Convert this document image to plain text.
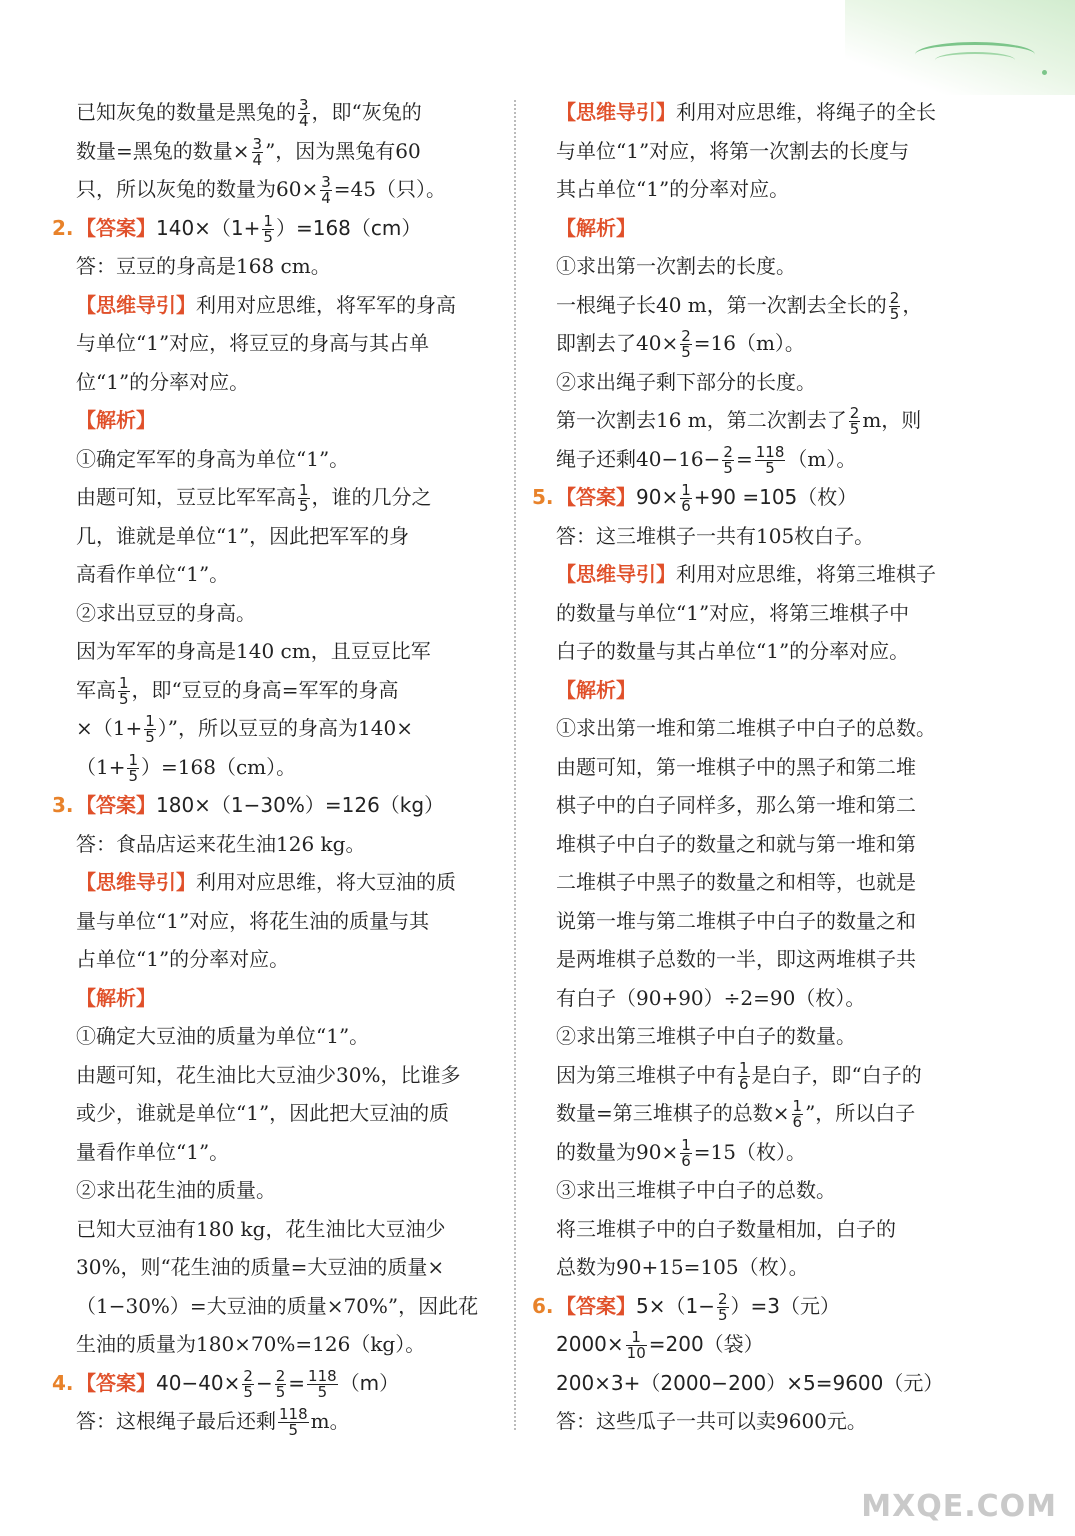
已知灰兔的数量是黑兔的 $\frac{3}{4}$ ，即“灰兔的
数量=黑兔的数量× $\frac{3}{4}$ ”，因为黑兔有60
只，所以灰兔的数量为$60\times \frac{3}{4} =45$（只）。
2. 【答案】$140\times(1+ \frac{1}{5} )=168(cm)$
答：豆豆的身高是168 cm。
【思维导引】利用对应思维，将军军的身高
与单位“1”对应，将豆豆的身高与其占单
位“1”的分率对应。
【解析】
①确定军军的身高为单位“1”。
由题可知，豆豆比军军高 $\frac{1}{5}$ ，谁的几分之
几，谁就是单位“1”，因此把军军的身
高看作单位“1”。
②求出豆豆的身高。
因为军军的身高是140 cm，且豆豆比军
军高 $\frac{1}{5}$ ，即“豆豆的身高=军军的身高
$\times(1+ \frac{1}{5}$ ）”，所以豆豆的身高为140×
$(1+ \frac{1}{5} )=168(cm)$。
3. 【答案】180×（1−30%）=126（kg）
答：食品店运来花生油126 kg。
【思维导引】利用对应思维，将大豆油的质
量与单位“1”对应，将花生油的质量与其
占单位“1”的分率对应。
【解析】
①确定大豆油的质量为单位“1”。
由题可知，花生油比大豆油少30%，比谁多
或少，谁就是单位“1”，因此把大豆油的质
量看作单位“1”。
②求出花生油的质量。
已知大豆油有180 kg，花生油比大豆油少
30%，则“花生油的质量=大豆油的质量×
（1−30%）=大豆油的质量×70%”，因此花
生油的质量为180×70%=126（kg）。
4. 【答案】$40-40\times \frac{2}{5} - \frac{2}{5} = \frac{118}{5} (m)$
答：这根绳子最后还剩 $\frac{118}{5}$ m。
【思维导引】利用对应思维，将绳子的全长
与单位“1”对应，将第一次割去的长度与
其占单位“1”的分率对应。
【解析】
①求出第一次割去的长度。
一根绳子长40 m，第一次割去全长的 $\frac{2}{5}$ ，
即割去了$40\times \frac{2}{5} =16(m)$。
②求出绳子剩下部分的长度。
第一次割去16 m，第二次割去了 $\frac{2}{5}$ m，则
绳子还剩$40-16- \frac{2}{5} = \frac{118}{5} (m)$。
5. 【答案】$90\times \frac{1}{6} +90 =105$（枚）
答：这三堆棋子一共有105枚白子。
【思维导引】利用对应思维，将第三堆棋子
的数量与单位“1”对应，将第三堆棋子中
白子的数量与其占单位“1”的分率对应。
【解析】
①求出第一堆和第二堆棋子中白子的总数。
由题可知，第一堆棋子中的黑子和第二堆
棋子中的白子同样多，那么第一堆和第二
堆棋子中白子的数量之和就与第一堆和第
二堆棋子中黑子的数量之和相等，也就是
说第一堆与第二堆棋子中白子的数量之和
是两堆棋子总数的一半，即这两堆棋子共
有白子（90+90）÷2=90（枚）。
②求出第三堆棋子中白子的数量。
因为第三堆棋子中有 $\frac{1}{6}$ 是白子，即“白子的
数量=第三堆棋子的总数× $\frac{1}{6}$ ”，所以白子
的数量为$90\times \frac{1}{6} =15$（枚）。
③求出三堆棋子中白子的总数。
将三堆棋子中的白子数量相加，白子的
总数为90+15=105（枚）。
6. 【答案】$5\times(1- \frac{2}{5} )=3$（元）
$2000\times \frac{1}{10} =200$（袋）
200×3+（2000−200）×5=9600（元）
答：这些瓜子一共可以卖9600元。
MXQE.COM
